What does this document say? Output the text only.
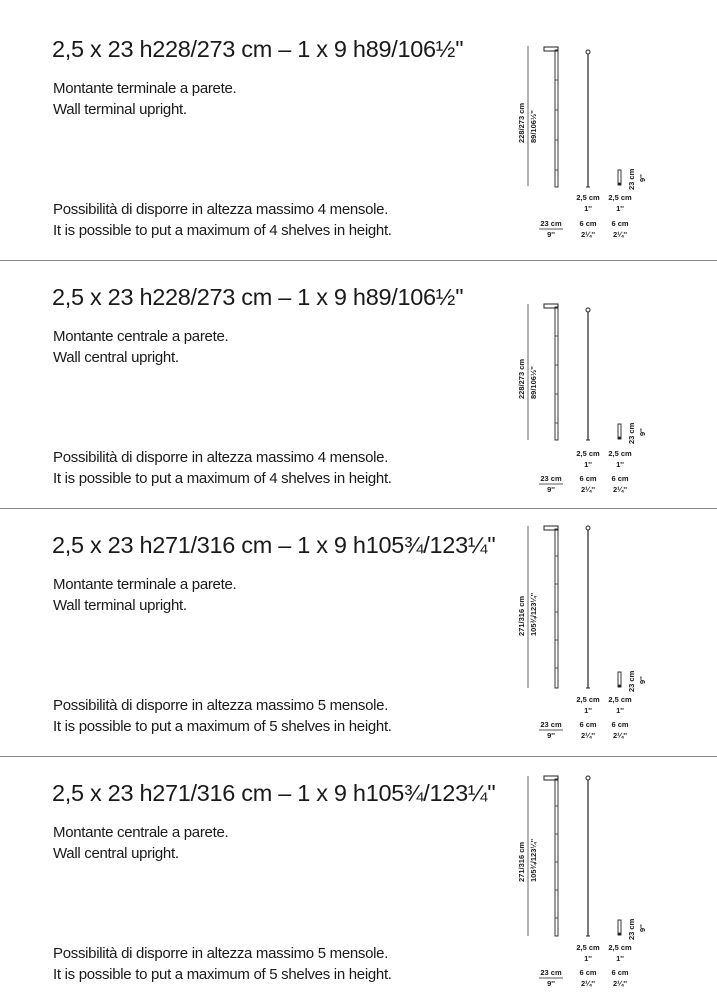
2,5 x 23 h228/273 cm – 1 x 9 h89/106½''
Montante terminale a parete.
Wall terminal upright.
Possibilità di disporre in altezza massimo 4 mensole.
It is possible to put a maximum of 4 shelves in height.
228/273 cm 89/106½''
23 cm 9''
2,5 cm
1''
2,5 cm
1''
23 cm
9''
6 cm
2¼''
6 cm
2¼''
2,5 x 23 h228/273 cm – 1 x 9 h89/106½''
Montante centrale a parete.
Wall central upright.
Possibilità di disporre in altezza massimo 4 mensole.
It is possible to put a maximum of 4 shelves in height.
228/273 cm 89/106½''
23 cm 9''
2,5 cm
1''
2,5 cm
1''
23 cm
9''
6 cm
2¼''
6 cm
2¼''
2,5 x 23 h271/316 cm – 1 x 9 h105¾/123¼''
Montante terminale a parete.
Wall terminal upright.
Possibilità di disporre in altezza massimo 5 mensole.
It is possible to put a maximum of 5 shelves in height.
271/316 cm 105¾/123¼''
23 cm 9''
2,5 cm
1''
2,5 cm
1''
23 cm
9''
6 cm
2¼''
6 cm
2¼''
2,5 x 23 h271/316 cm – 1 x 9 h105¾/123¼''
Montante centrale a parete.
Wall central upright.
Possibilità di disporre in altezza massimo 5 mensole.
It is possible to put a maximum of 5 shelves in height.
271/316 cm 105¾/123¼''
23 cm 9''
2,5 cm
1''
2,5 cm
1''
23 cm
9''
6 cm
2¼''
6 cm
2¼''
